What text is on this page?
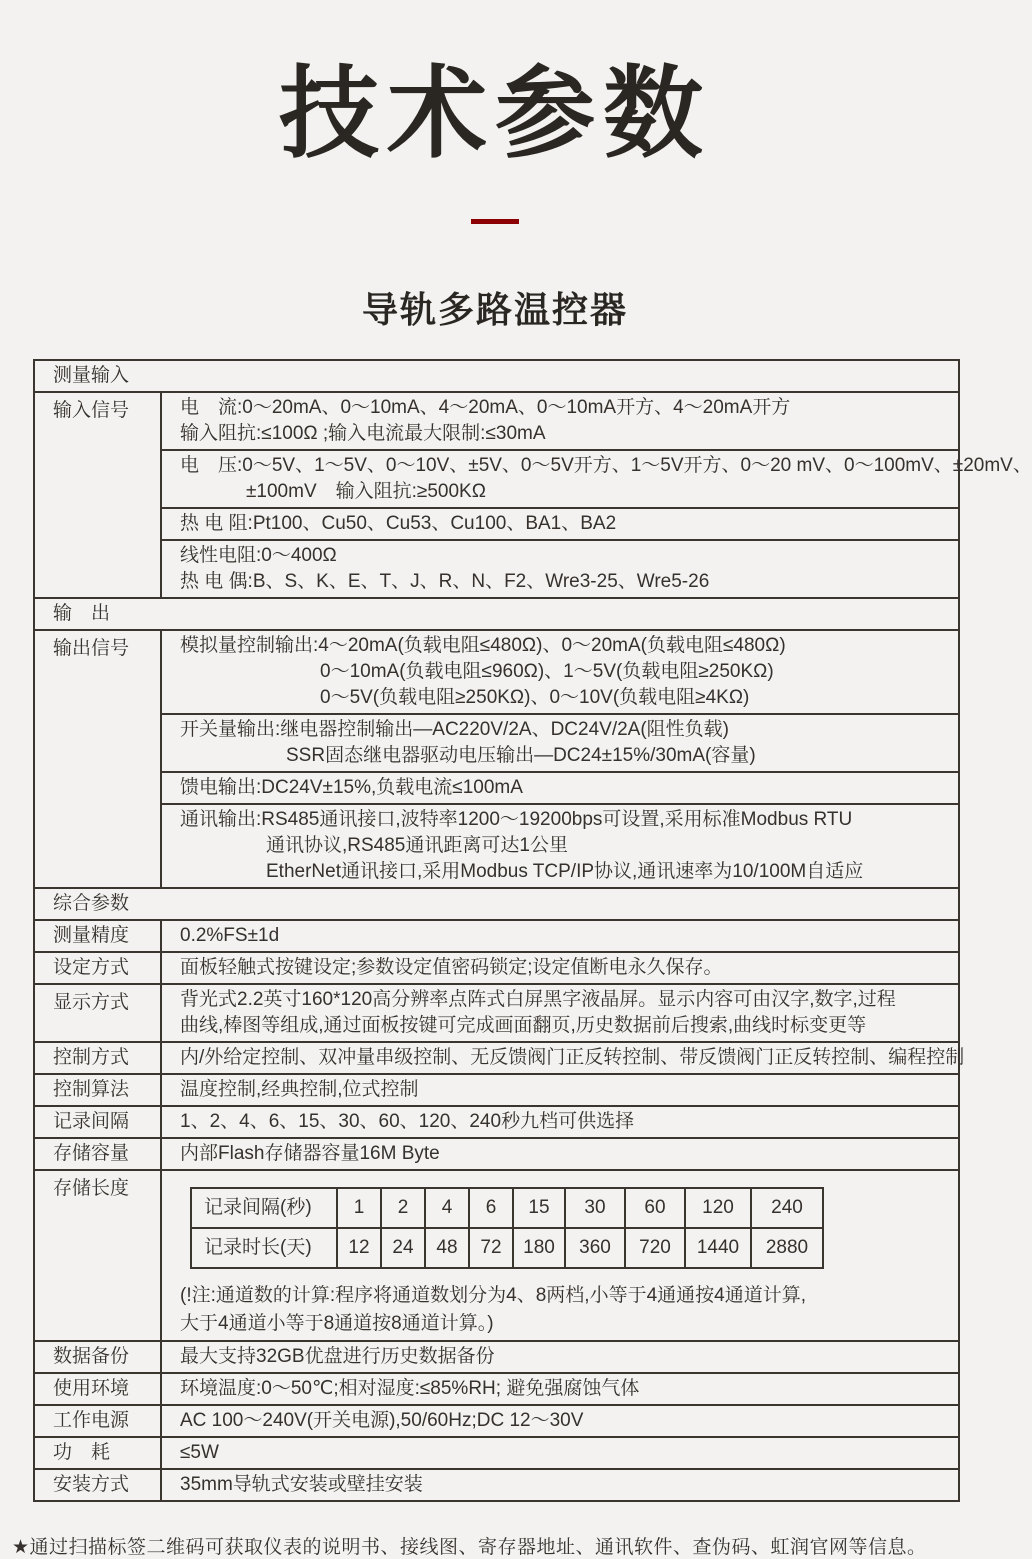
技术参数
导轨多路温控器
测量输入
输入信号	电　流:0～20mA、0～10mA、4～20mA、0～10mA开方、4～20mA开方
输入阻抗:≤100Ω ;输入电流最大限制:≤30mA

电　压:0～5V、1～5V、0～10V、±5V、0～5V开方、1～5V开方、0～20 mV、0～100mV、±20mV、
±100mV　输入阻抗:≥500KΩ

热 电 阻:Pt100、Cu50、Cu53、Cu100、BA1、BA2

线性电阻:0～400Ω
热 电 偶:B、S、K、E、T、J、R、N、F2、Wre3-25、Wre5-26

输　出
输出信号	模拟量控制输出:4～20mA(负载电阻≤480Ω)、0～20mA(负载电阻≤480Ω)
0～10mA(负载电阻≤960Ω)、1～5V(负载电阻≥250KΩ)
0～5V(负载电阻≥250KΩ)、0～10V(负载电阻≥4KΩ)

开关量输出:继电器控制输出—AC220V/2A、DC24V/2A(阻性负载)
SSR固态继电器驱动电压输出—DC24±15%/30mA(容量)

馈电输出:DC24V±15%,负载电流≤100mA

通讯输出:RS485通讯接口,波特率1200～19200bps可设置,采用标准Modbus RTU
通讯协议,RS485通讯距离可达1公里
EtherNet通讯接口,采用Modbus TCP/IP协议,通讯速率为10/100M自适应

综合参数
测量精度	0.2%FS±1d
设定方式	面板轻触式按键设定;参数设定值密码锁定;设定值断电永久保存。
显示方式	背光式2.2英寸160*120高分辨率点阵式白屏黑字液晶屏。显示内容可由汉字,数字,过程
曲线,棒图等组成,通过面板按键可完成画面翻页,历史数据前后搜索,曲线时标变更等

控制方式	内/外给定控制、双冲量串级控制、无反馈阀门正反转控制、带反馈阀门正反转控制、编程控制
控制算法	温度控制,经典控制,位式控制
记录间隔	1、2、4、6、15、30、60、120、240秒九档可供选择
存储容量	内部Flash存储器容量16M Byte
存储长度	
记录间隔(秒)	1	2	4	6	15	30	60	120	240
记录时长(天)	12	24	48	72	180	360	720	1440	2880
(!注:通道数的计算:程序将通道数划分为4、8两档,小等于4通通按4通道计算,
大于4通道小等于8通道按8通道计算。)

数据备份	最大支持32GB优盘进行历史数据备份
使用环境	环境温度:0～50℃;相对湿度:≤85%RH; 避免强腐蚀气体
工作电源	AC 100～240V(开关电源),50/60Hz;DC 12～30V
功　耗	≤5W
安装方式	35mm导轨式安装或壁挂安装
★通过扫描标签二维码可获取仪表的说明书、接线图、寄存器地址、通讯软件、查伪码、虹润官网等信息。
